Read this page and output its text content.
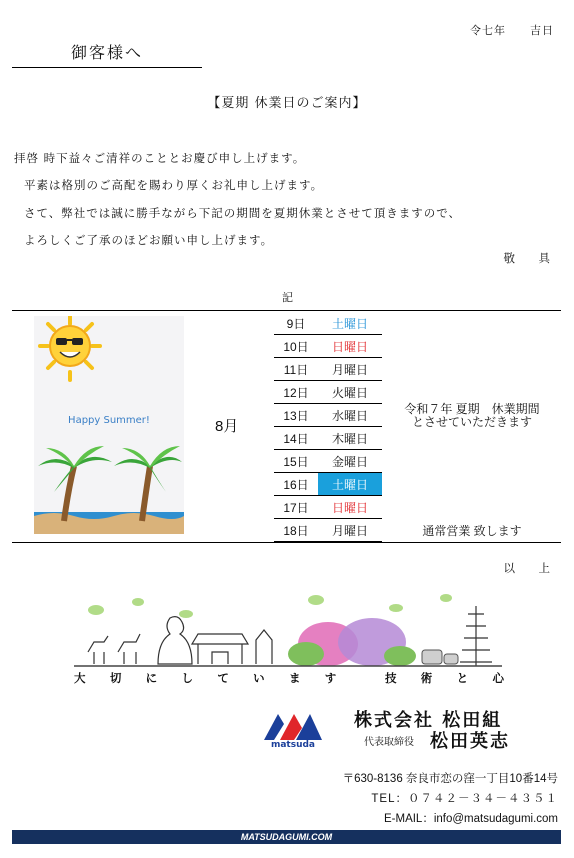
令七年　　吉日
御客様へ
【夏期 休業日のご案内】
拝啓 時下益々ご清祥のこととお慶び申し上げます。
平素は格別のご高配を賜わり厚くお礼申し上げます。
さて、弊社では誠に勝手ながら下記の期間を夏期休業とさせて頂きますので、
よろしくご了承のほどお願い申し上げます。
敬　具
記
Happy Summer!	8月
9日	土曜日
10日	日曜日
11日	月曜日
12日	火曜日
13日	水曜日
14日	木曜日
15日	金曜日
16日	土曜日
17日	日曜日
18日	月曜日
令和７年 夏期　休業期間
とさせていただきます
通常営業 致します
以　上
大 切 に し て い ま す	技 術 と 心
matsuda
株式会社 松田組
代表取締役 松田英志
〒630-8136 奈良市恋の窪一丁目10番14号
TEL：０７４２－３４－４３５１
E-MAIL：info@matsudagumi.com
MATSUDAGUMI.COM
